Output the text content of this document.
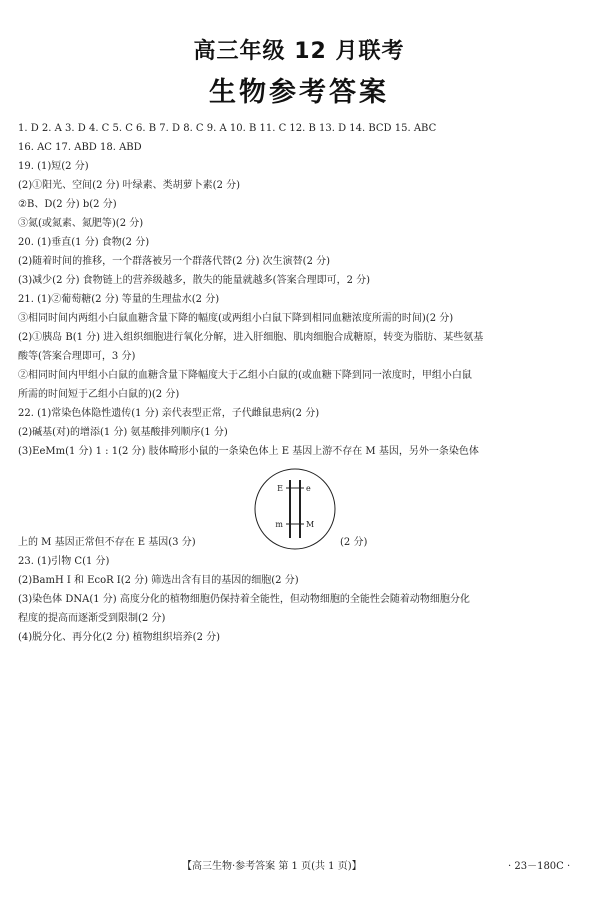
高三年级 12 月联考
生物参考答案
1. D 2. A 3. D 4. C 5. C 6. B 7. D 8. C 9. A 10. B 11. C 12. B 13. D 14. BCD 15. ABC
16. AC 17. ABD 18. ABD
19. (1)短(2 分)
(2)①阳光、空间(2 分) 叶绿素、类胡萝卜素(2 分)
②B、D(2 分) b(2 分)
③氮(或氮素、氮肥等)(2 分)
20. (1)垂直(1 分) 食物(2 分)
(2)随着时间的推移，一个群落被另一个群落代替(2 分) 次生演替(2 分)
(3)减少(2 分) 食物链上的营养级越多，散失的能量就越多(答案合理即可，2 分)
21. (1)②葡萄糖(2 分) 等量的生理盐水(2 分)
③相同时间内两组小白鼠血糖含量下降的幅度(或两组小白鼠下降到相同血糖浓度所需的时间)(2 分)
(2)①胰岛 B(1 分) 进入组织细胞进行氧化分解，进入肝细胞、肌肉细胞合成糖原，转变为脂肪、某些氨基
酸等(答案合理即可，3 分)
②相同时间内甲组小白鼠的血糖含量下降幅度大于乙组小白鼠的(或血糖下降到同一浓度时，甲组小白鼠
所需的时间短于乙组小白鼠的)(2 分)
22. (1)常染色体隐性遗传(1 分) 亲代表型正常，子代雌鼠患病(2 分)
(2)碱基(对)的增添(1 分) 氨基酸排列顺序(1 分)
(3)EeMm(1 分) 1 : 1(2 分) 肢体畸形小鼠的一条染色体上 E 基因上游不存在 M 基因，另外一条染色体
上的 M 基因正常但不存在 E 基因(3 分)
23. (1)引物 C(1 分)
(2)BamH I 和 EcoR I(2 分) 筛选出含有目的基因的细胞(2 分)
(3)染色体 DNA(1 分) 高度分化的植物细胞仍保持着全能性，但动物细胞的全能性会随着动物细胞分化
程度的提高而逐渐受到限制(2 分)
(4)脱分化、再分化(2 分) 植物组织培养(2 分)
E	e
m	M
(2 分)
【高三生物·参考答案 第 1 页(共 1 页)】	· 23－180C ·
